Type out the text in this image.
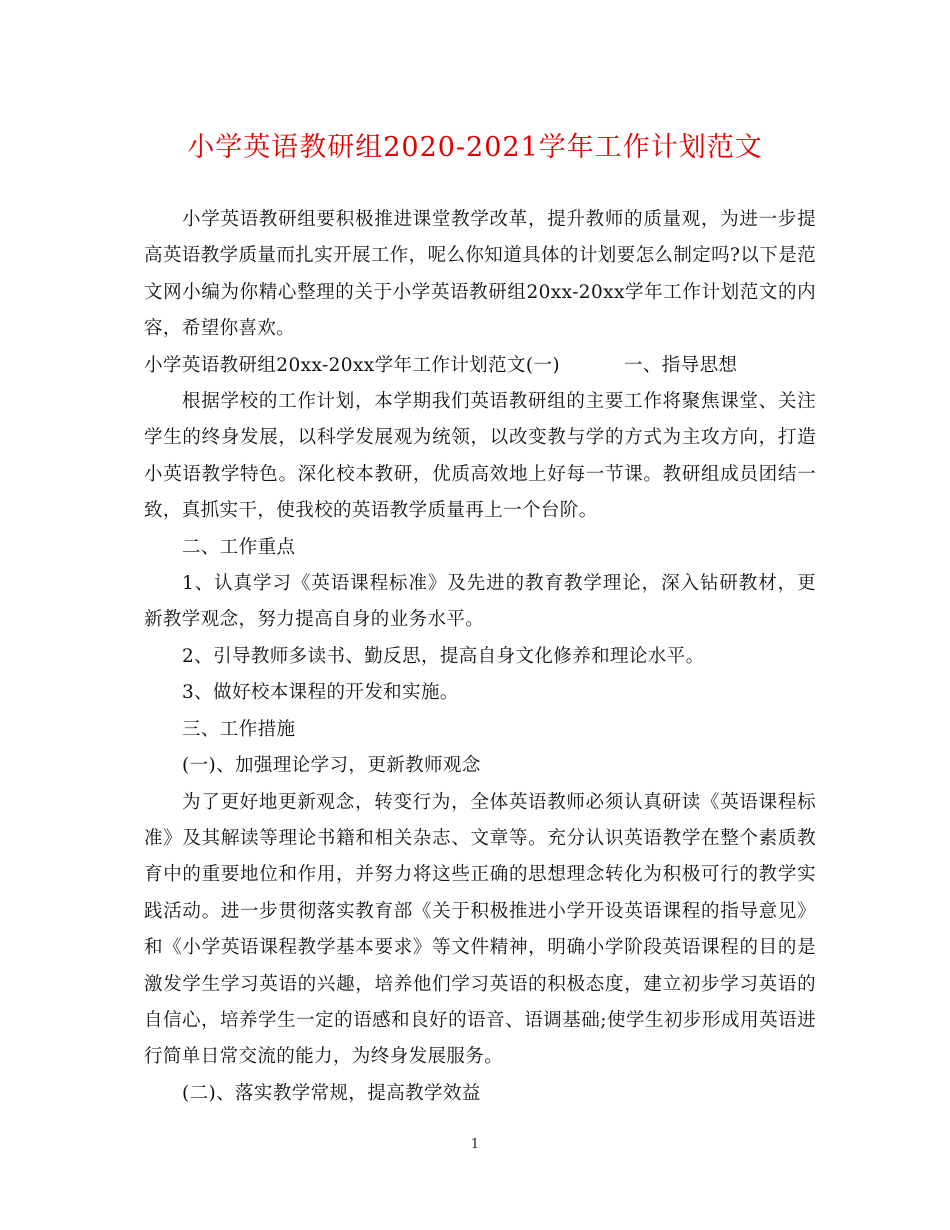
小学英语教研组2020-2021学年工作计划范文

小学英语教研组要积极推进课堂教学改革，提升教师的质量观，为进一步提高英语教学质量而扎实开展工作，呢么你知道具体的计划要怎么制定吗?以下是范文网小编为你精心整理的关于小学英语教研组20xx-20xx学年工作计划范文的内容，希望你喜欢。

小学英语教研组20xx-20xx学年工作计划范文(一)	一、指导思想

根据学校的工作计划，本学期我们英语教研组的主要工作将聚焦课堂、关注学生的终身发展，以科学发展观为统领，以改变教与学的方式为主攻方向，打造小英语教学特色。深化校本教研，优质高效地上好每一节课。教研组成员团结一致，真抓实干，使我校的英语教学质量再上一个台阶。

二、工作重点

1、认真学习《英语课程标准》及先进的教育教学理论，深入钻研教材，更新教学观念，努力提高自身的业务水平。

2、引导教师多读书、勤反思，提高自身文化修养和理论水平。

3、做好校本课程的开发和实施。

三、工作措施

(一)、加强理论学习，更新教师观念

为了更好地更新观念，转变行为，全体英语教师必须认真研读《英语课程标准》及其解读等理论书籍和相关杂志、文章等。充分认识英语教学在整个素质教育中的重要地位和作用，并努力将这些正确的思想理念转化为积极可行的教学实践活动。进一步贯彻落实教育部《关于积极推进小学开设英语课程的指导意见》和《小学英语课程教学基本要求》等文件精神，明确小学阶段英语课程的目的是激发学生学习英语的兴趣，培养他们学习英语的积极态度，建立初步学习英语的自信心，培养学生一定的语感和良好的语音、语调基础;使学生初步形成用英语进行简单日常交流的能力，为终身发展服务。

(二)、落实教学常规，提高教学效益

1
